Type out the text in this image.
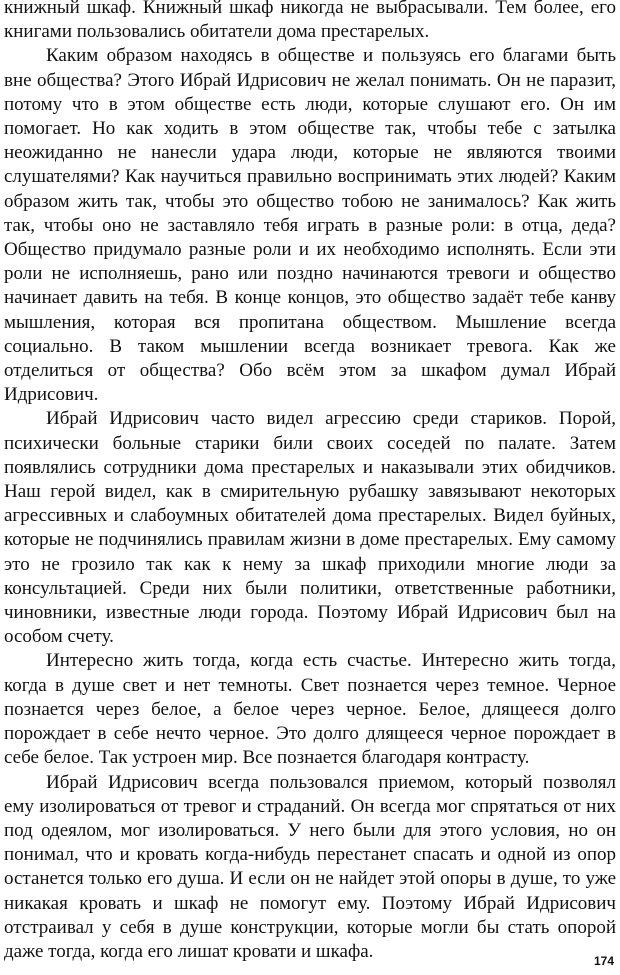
книжный шкаф. Книжный шкаф никогда не выбрасывали. Тем более, его книгами пользовались обитатели дома престарелых.

Каким образом находясь в обществе и пользуясь его благами быть вне общества? Этого Ибрай Идрисович не желал понимать. Он не паразит, потому что в этом обществе есть люди, которые слушают его. Он им помогает. Но как ходить в этом обществе так, чтобы тебе с затылка неожиданно не нанесли удара люди, которые не являются твоими слушателями? Как научиться правильно воспринимать этих людей? Каким образом жить так, чтобы это общество тобою не занималось? Как жить так, чтобы оно не заставляло тебя играть в разные роли: в отца, деда? Общество придумало разные роли и их необходимо исполнять. Если эти роли не исполняешь, рано или поздно начинаются тревоги и общество начинает давить на тебя. В конце концов, это общество задаёт тебе канву мышления, которая вся пропитана обществом. Мышление всегда социально. В таком мышлении всегда возникает тревога. Как же отделиться от общества? Обо всём этом за шкафом думал Ибрай Идрисович.

Ибрай Идрисович часто видел агрессию среди стариков. Порой, психически больные старики били своих соседей по палате. Затем появлялись сотрудники дома престарелых и наказывали этих обидчиков. Наш герой видел, как в смирительную рубашку завязывают некоторых агрессивных и слабоумных обитателей дома престарелых. Видел буйных, которые не подчинялись правилам жизни в доме престарелых. Ему самому это не грозило так как к нему за шкаф приходили многие люди за консультацией. Среди них были политики, ответственные работники, чиновники, известные люди города. Поэтому Ибрай Идрисович был на особом счету.

Интересно жить тогда, когда есть счастье. Интересно жить тогда, когда в душе свет и нет темноты. Свет познается через темное. Черное познается через белое, а белое через черное. Белое, длящееся долго порождает в себе нечто черное. Это долго длящееся черное порождает в себе белое. Так устроен мир. Все познается благодаря контрасту.

Ибрай Идрисович всегда пользовался приемом, который позволял ему изолироваться от тревог и страданий. Он всегда мог спрятаться от них под одеялом, мог изолироваться. У него были для этого условия, но он понимал, что и кровать когда-нибудь перестанет спасать и одной из опор останется только его душа. И если он не найдет этой опоры в душе, то уже никакая кровать и шкаф не помогут ему. Поэтому Ибрай Идрисович отстраивал у себя в душе конструкции, которые могли бы стать опорой даже тогда, когда его лишат кровати и шкафа.	174
